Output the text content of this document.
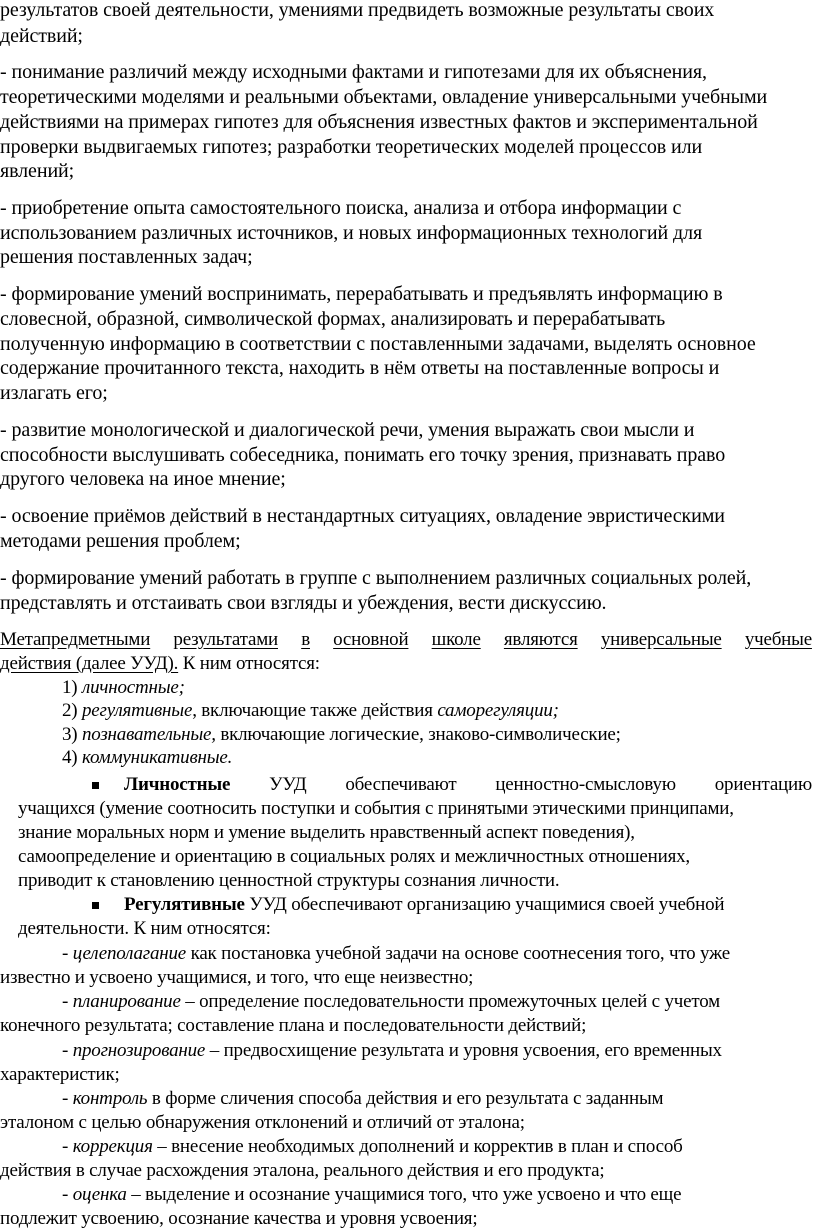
результатов своей деятельности, умениями предвидеть возможные результаты своих
действий;
- понимание различий между исходными фактами и гипотезами для их объяснения,
теоретическими моделями и реальными объектами, овладение универсальными учебными
действиями на примерах гипотез для объяснения известных фактов и экспериментальной
проверки выдвигаемых гипотез; разработки теоретических моделей процессов или
явлений;
- приобретение опыта самостоятельного поиска, анализа и отбора информации с
использованием различных источников, и новых информационных технологий для
решения поставленных задач;
- формирование умений воспринимать, перерабатывать и предъявлять информацию в
словесной, образной, символической формах, анализировать и перерабатывать
полученную информацию в соответствии с поставленными задачами, выделять основное
содержание прочитанного текста, находить в нём ответы на поставленные вопросы и
излагать его;
- развитие монологической и диалогической речи, умения выражать свои мысли и
способности выслушивать собеседника, понимать его точку зрения, признавать право
другого человека на иное мнение;
- освоение приёмов действий в нестандартных ситуациях, овладение эвристическими
методами решения проблем;
- формирование умений работать в группе с выполнением различных социальных ролей,
представлять и отстаивать свои взгляды и убеждения, вести дискуссию.
Метапредметными результатами в основной школе являются универсальные учебные
действия (далее УУД). К ним относятся:
1) личностные;
2) регулятивные, включающие также действия саморегуляции;
3) познавательные, включающие логические, знаково-символические;
4) коммуникативные.
Личностные УУД обеспечивают ценностно-смысловую ориентацию
учащихся (умение соотносить поступки и события с принятыми этическими принципами,
знание моральных норм и умение выделить нравственный аспект поведения),
самоопределение и ориентацию в социальных ролях и межличностных отношениях,
приводит к становлению ценностной структуры сознания личности.
Регулятивные УУД обеспечивают организацию учащимися своей учебной
деятельности. К ним относятся:
- целеполагание как постановка учебной задачи на основе соотнесения того, что уже
известно и усвоено учащимися, и того, что еще неизвестно;
- планирование – определение последовательности промежуточных целей с учетом
конечного результата; составление плана и последовательности действий;
- прогнозирование – предвосхищение результата и уровня усвоения, его временных
характеристик;
- контроль в форме сличения способа действия и его результата с заданным
эталоном с целью обнаружения отклонений и отличий от эталона;
- коррекция – внесение необходимых дополнений и корректив в план и способ
действия в случае расхождения эталона, реального действия и его продукта;
- оценка – выделение и осознание учащимися того, что уже усвоено и что еще
подлежит усвоению, осознание качества и уровня усвоения;
